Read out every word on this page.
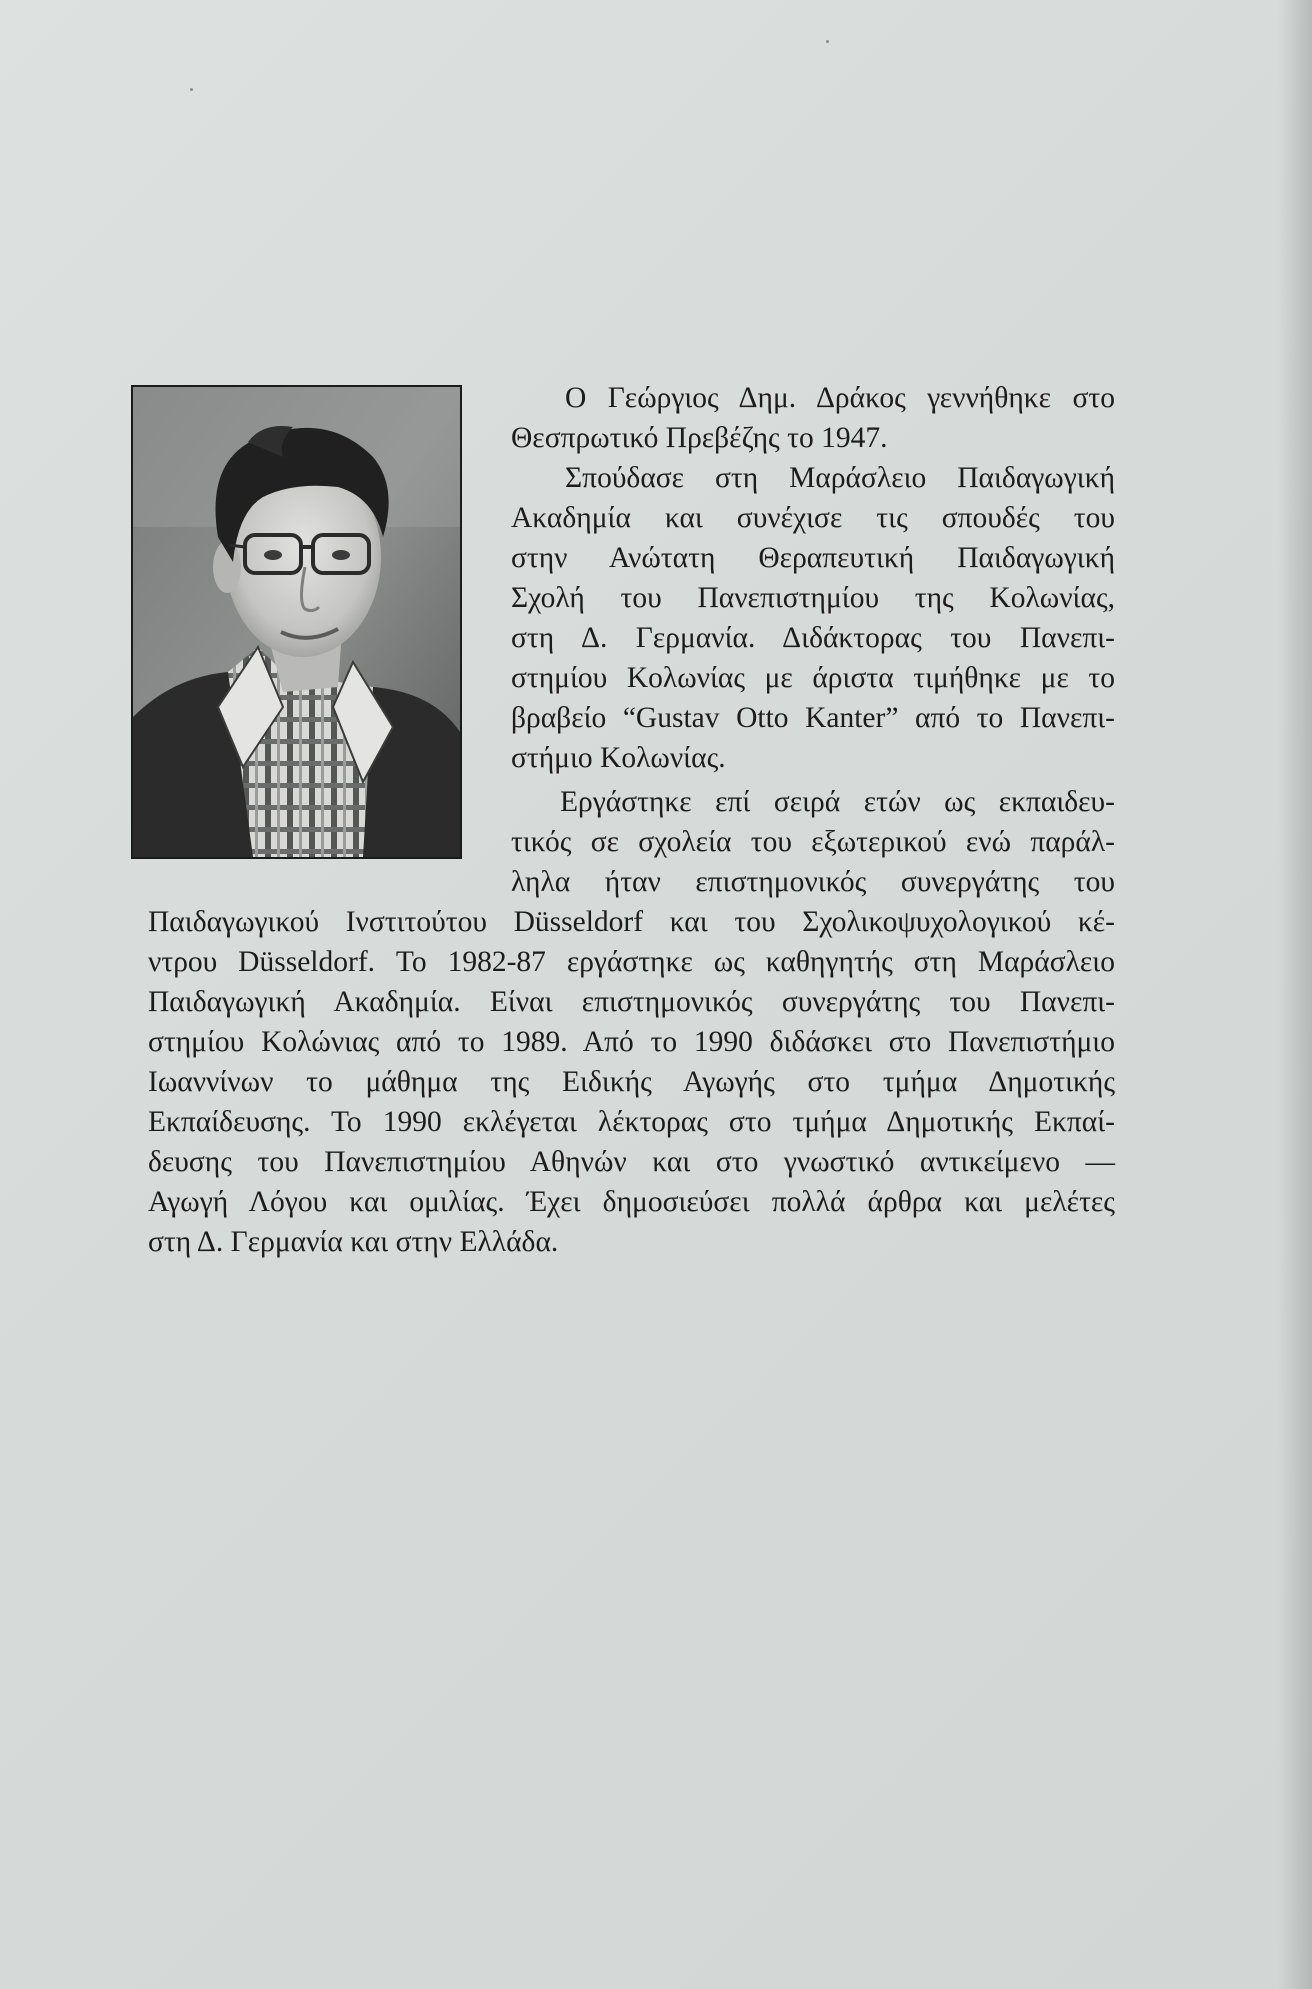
Ο Γεώργιος Δημ. Δράκος γεννήθηκε στο
Θεσπρωτικό Πρεβέζης το 1947.
Σπούδασε στη Μαράσλειο Παιδαγωγική
Ακαδημία και συνέχισε τις σπουδές του
στην Ανώτατη Θεραπευτική Παιδαγωγική
Σχολή του Πανεπιστημίου της Κολωνίας,
στη Δ. Γερμανία. Διδάκτορας του Πανεπι-
στημίου Κολωνίας με άριστα τιμήθηκε με το
βραβείο “Gustav Otto Kanter” από το Πανεπι-
στήμιο Κολωνίας.
Εργάστηκε επί σειρά ετών ως εκπαιδευ-
τικός σε σχολεία του εξωτερικού ενώ παράλ-
ληλα ήταν επιστημονικός συνεργάτης του
Παιδαγωγικού Ινστιτούτου Düsseldorf και του Σχολικοψυχολογικού κέ-
ντρου Düsseldorf. Το 1982-87 εργάστηκε ως καθηγητής στη Μαράσλειο
Παιδαγωγική Ακαδημία. Είναι επιστημονικός συνεργάτης του Πανεπι-
στημίου Κολώνιας από το 1989. Από το 1990 διδάσκει στο Πανεπιστήμιο
Ιωαννίνων το μάθημα της Ειδικής Αγωγής στο τμήμα Δημοτικής
Εκπαίδευσης. Το 1990 εκλέγεται λέκτορας στο τμήμα Δημοτικής Εκπαί-
δευσης του Πανεπιστημίου Αθηνών και στο γνωστικό αντικείμενο —
Αγωγή Λόγου και ομιλίας. Έχει δημοσιεύσει πολλά άρθρα και μελέτες
στη Δ. Γερμανία και στην Ελλάδα.
